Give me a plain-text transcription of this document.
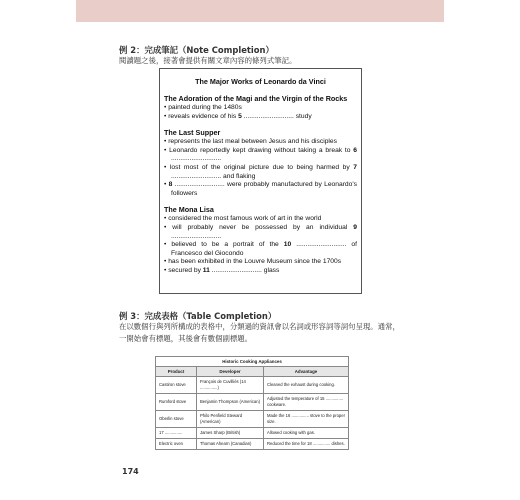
例 2：完成筆記（Note Completion）
閱讀題之後，接著會提供有關文章內容的條列式筆記。
The Major Works of Leonardo da Vinci
The Adoration of the Magi and the Virgin of the Rocks
• painted during the 1480s
• reveals evidence of his 5 ........................... study
The Last Supper
• represents the last meal between Jesus and his disciples
• Leonardo reportedly kept drawing without taking a break to 6 ...........................
• lost most of the original picture due to being harmed by 7 ........................... and flaking
• 8 ........................... were probably manufactured by Leonardo's followers
The Mona Lisa
• considered the most famous work of art in the world
• will probably never be possessed by an individual 9 ...........................
• believed to be a portrait of the 10 ........................... of Francesco del Giocondo
• has been exhibited in the Louvre Museum since the 1700s
• secured by 11 ........................... glass
例 3：完成表格（Table Completion）
在以數個行與列所構成的表格中，分類過的資訊會以名詞或形容詞等詞句呈現。通常，一開始會有標題，其後會有數個副標題。
Historic Cooking Appliances
Product	Developer	Advantage
Castiron stove	François de Cuvilliés (14 ...............)	Cleaned the exhaust during cooking.
Rumford stove	Benjamin Thompson (American)	Adjusted the temperature of 15 ............... cookware.
Oberlin stove	Philo Penfield Steward (American)	Made the 16 ............... stove to the proper size.
17 ...............	James Sharp (British)	Allowed cooking with gas.
Electric oven	Thomas Ahearn (Canadian)	Reduced the time for 18 ............... dishes.
174
